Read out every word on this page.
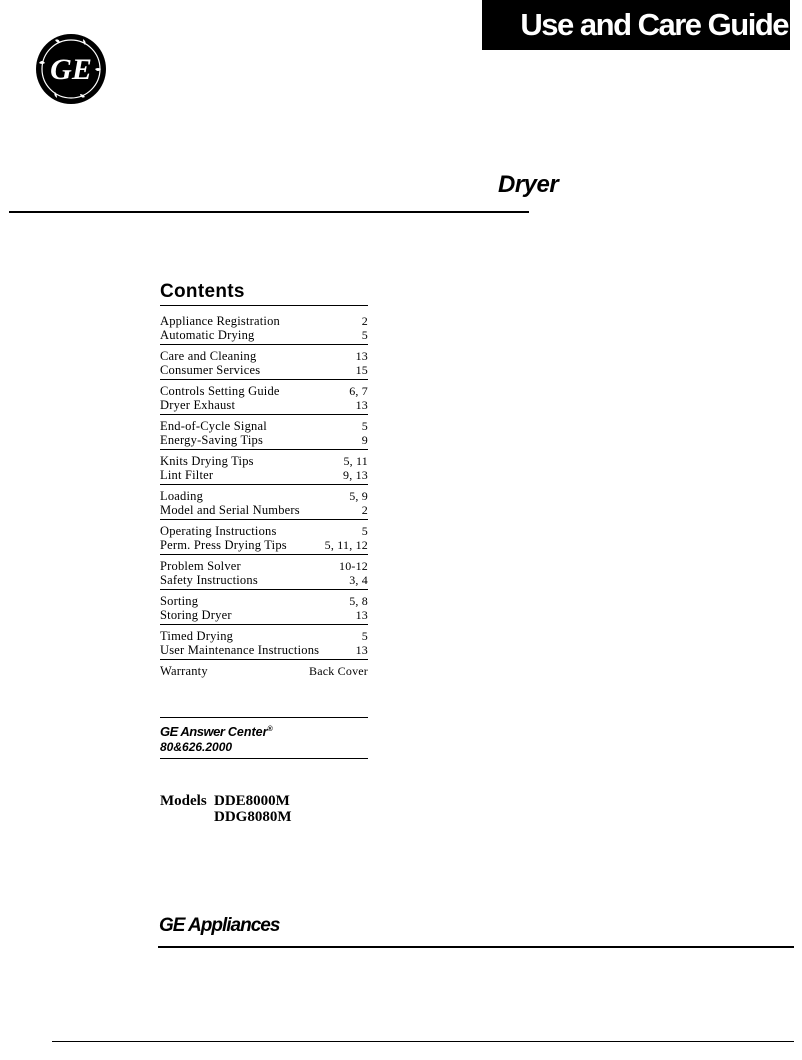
Use and Care Guide
GE
Dryer
Contents
Appliance Registration	2
Automatic Drying	5
Care and Cleaning	13
Consumer Services	15
Controls Setting Guide	6, 7
Dryer Exhaust	13
End-of-Cycle Signal	5
Energy-Saving Tips	9
Knits Drying Tips	5, 11
Lint Filter	9, 13
Loading	5, 9
Model and Serial Numbers	2
Operating Instructions	5
Perm. Press Drying Tips	5, 11, 12
Problem Solver	10-12
Safety Instructions	3, 4
Sorting	5, 8
Storing Dryer	13
Timed Drying	5
User Maintenance Instructions	13
Warranty	Back Cover
GE Answer Center®
80&626.2000
Models DDE8000M
DDG8080M
GE Appliances
